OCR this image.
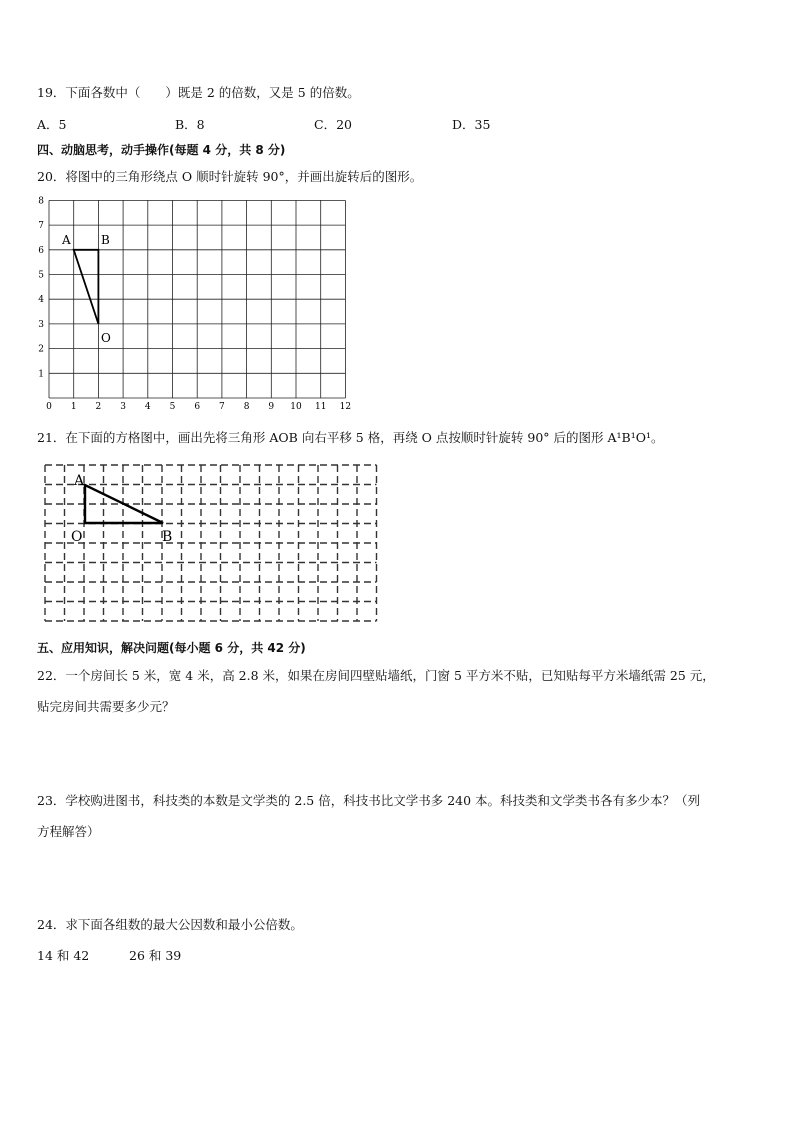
19．下面各数中（　　）既是 2 的倍数，又是 5 的倍数。
A．5	B．8	C．20	D．35
四、动脑思考，动手操作(每题 4 分，共 8 分)
20．将图中的三角形绕点 O 顺时针旋转 90°，并画出旋转后的图形。
0 1 2 3 4 5 6 7 8 9 10 11 12
1
2
3
4
5
6
7
8
A	B
O
21．在下面的方格图中，画出先将三角形 AOB 向右平移 5 格，再绕 O 点按顺时针旋转 90° 后的图形 A¹B¹O¹。
A
O	B
五、应用知识，解决问题(每小题 6 分，共 42 分)
22．一个房间长 5 米，宽 4 米，高 2.8 米，如果在房间四壁贴墙纸，门窗 5 平方米不贴，已知贴每平方米墙纸需 25 元，
贴完房间共需要多少元？
23．学校购进图书，科技类的本数是文学类的 2.5 倍，科技书比文学书多 240 本。科技类和文学类书各有多少本？（列
方程解答）
24．求下面各组数的最大公因数和最小公倍数。
14 和 42	26 和 39
